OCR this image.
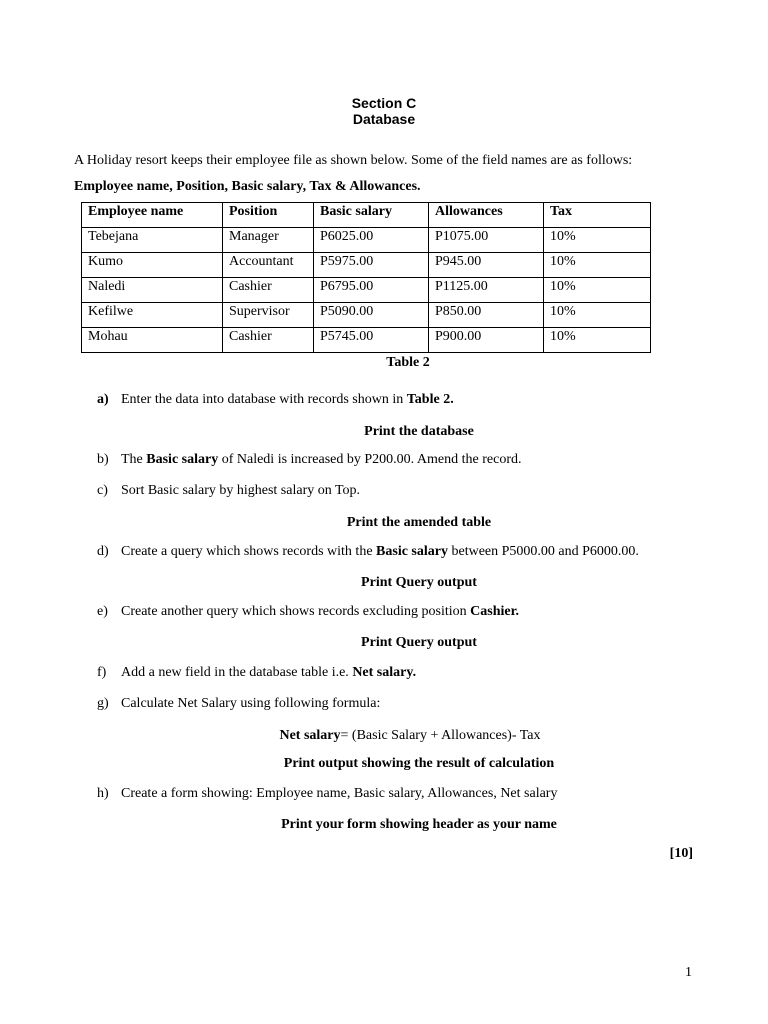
Section C
Database
A Holiday resort keeps their employee file as shown below. Some of the field names are as follows:
Employee name, Position, Basic salary, Tax & Allowances.
Employee name	Position	Basic salary	Allowances	Tax
Tebejana	Manager	P6025.00	P1075.00	10%
Kumo	Accountant	P5975.00	P945.00	10%
Naledi	Cashier	P6795.00	P1125.00	10%
Kefilwe	Supervisor	P5090.00	P850.00	10%
Mohau	Cashier	P5745.00	P900.00	10%
Table 2
a) Enter the data into database with records shown in Table 2.
Print the database
b) The Basic salary of Naledi is increased by P200.00. Amend the record.
c) Sort Basic salary by highest salary on Top.
Print the amended table
d) Create a query which shows records with the Basic salary between P5000.00 and P6000.00.
Print Query output
e) Create another query which shows records excluding position Cashier.
Print Query output
f) Add a new field in the database table i.e. Net salary.
g) Calculate Net Salary using following formula:
Net salary= (Basic Salary + Allowances)- Tax
Print output showing the result of calculation
h) Create a form showing: Employee name, Basic salary, Allowances, Net salary
Print your form showing header as your name
[10]
1
